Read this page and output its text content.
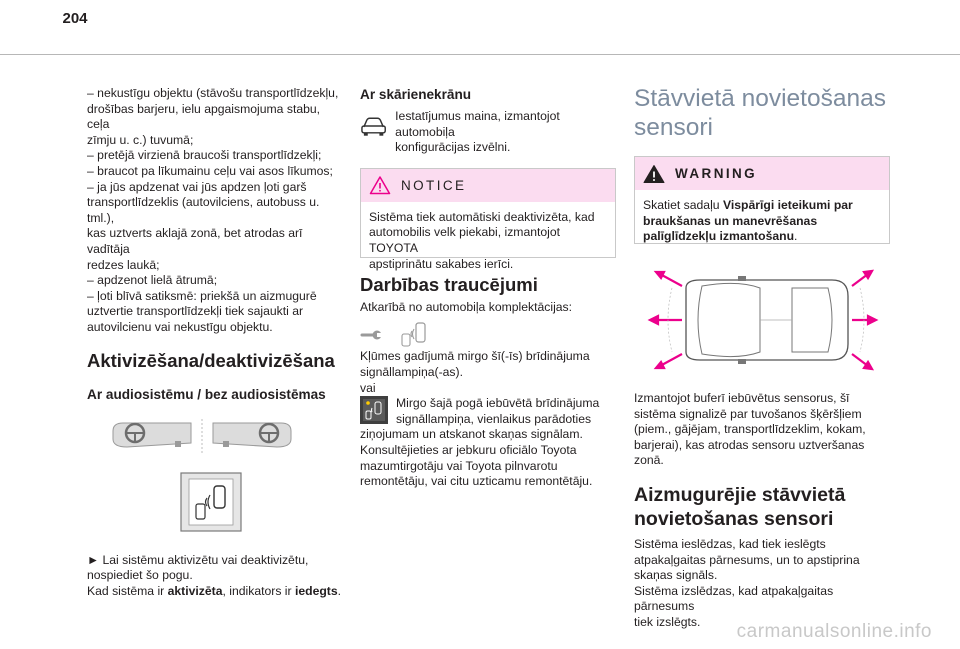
204

– nekustīgu objektu (stāvošu transportlīdzekļu,

drošības barjeru, ielu apgaismojuma stabu, ceļa

zīmju u. c.) tuvumā;

– pretējā virzienā braucoši transportlīdzekļi;

– braucot pa līkumainu ceļu vai asos līkumos;

– ja jūs apdzenat vai jūs apdzen ļoti garš

transportlīdzeklis (autovilciens, autobuss u. tml.),

kas uztverts aklajā zonā, bet atrodas arī vadītāja

redzes laukā;

– apdzenot lielā ātrumā;

– ļoti blīvā satiksmē: priekšā un aizmugurē

uztvertie transportlīdzekļi tiek sajaukti ar

autovilcienu vai nekustīgu objektu.

Aktivizēšana/deaktivizēšana
Ar audiosistēmu / bez audiosistēmas

► Lai sistēmu aktivizētu vai deaktivizētu,

nospiediet šo pogu.

Kad sistēma ir aktivizēta, indikators ir iedegts.

Ar skārienekrānu

Iestatījumus maina, izmantojot automobiļa

konfigurācijas izvēlni.

NOTICE

Sistēma tiek automātiski deaktivizēta, kad

automobilis velk piekabi, izmantojot TOYOTA

apstiprinātu sakabes ierīci.

Darbības traucējumi

Atkarībā no automobiļa komplektācijas:

Kļūmes gadījumā mirgo šī(-īs) brīdinājuma

signāllampiņa(-as).

vai

Mirgo šajā pogā iebūvētā brīdinājuma

signāllampiņa, vienlaikus parādoties

ziņojumam un atskanot skaņas signālam.

Konsultējieties ar jebkuru oficiālo Toyota

mazumtirgotāju vai Toyota pilnvarotu

remontētāju, vai citu uzticamu remontētāju.

Stāvvietā novietošanas

sensori

WARNING

Skatiet sadaļu Vispārīgi ieteikumi par

braukšanas un manevrēšanas

palīglīdzekļu izmantošanu.

Izmantojot buferī iebūvētus sensorus, šī

sistēma signalizē par tuvošanos šķēršļiem

(piem., gājējam, transportlīdzeklim, kokam,

barjerai), kas atrodas sensoru uztveršanas zonā.

Aizmugurējie stāvvietā
novietošanas sensori

Sistēma ieslēdzas, kad tiek ieslēgts

atpakaļgaitas pārnesums, un to apstiprina

skaņas signāls.

Sistēma izslēdzas, kad atpakaļgaitas pārnesums

tiek izslēgts.	carmanualsonline.info
